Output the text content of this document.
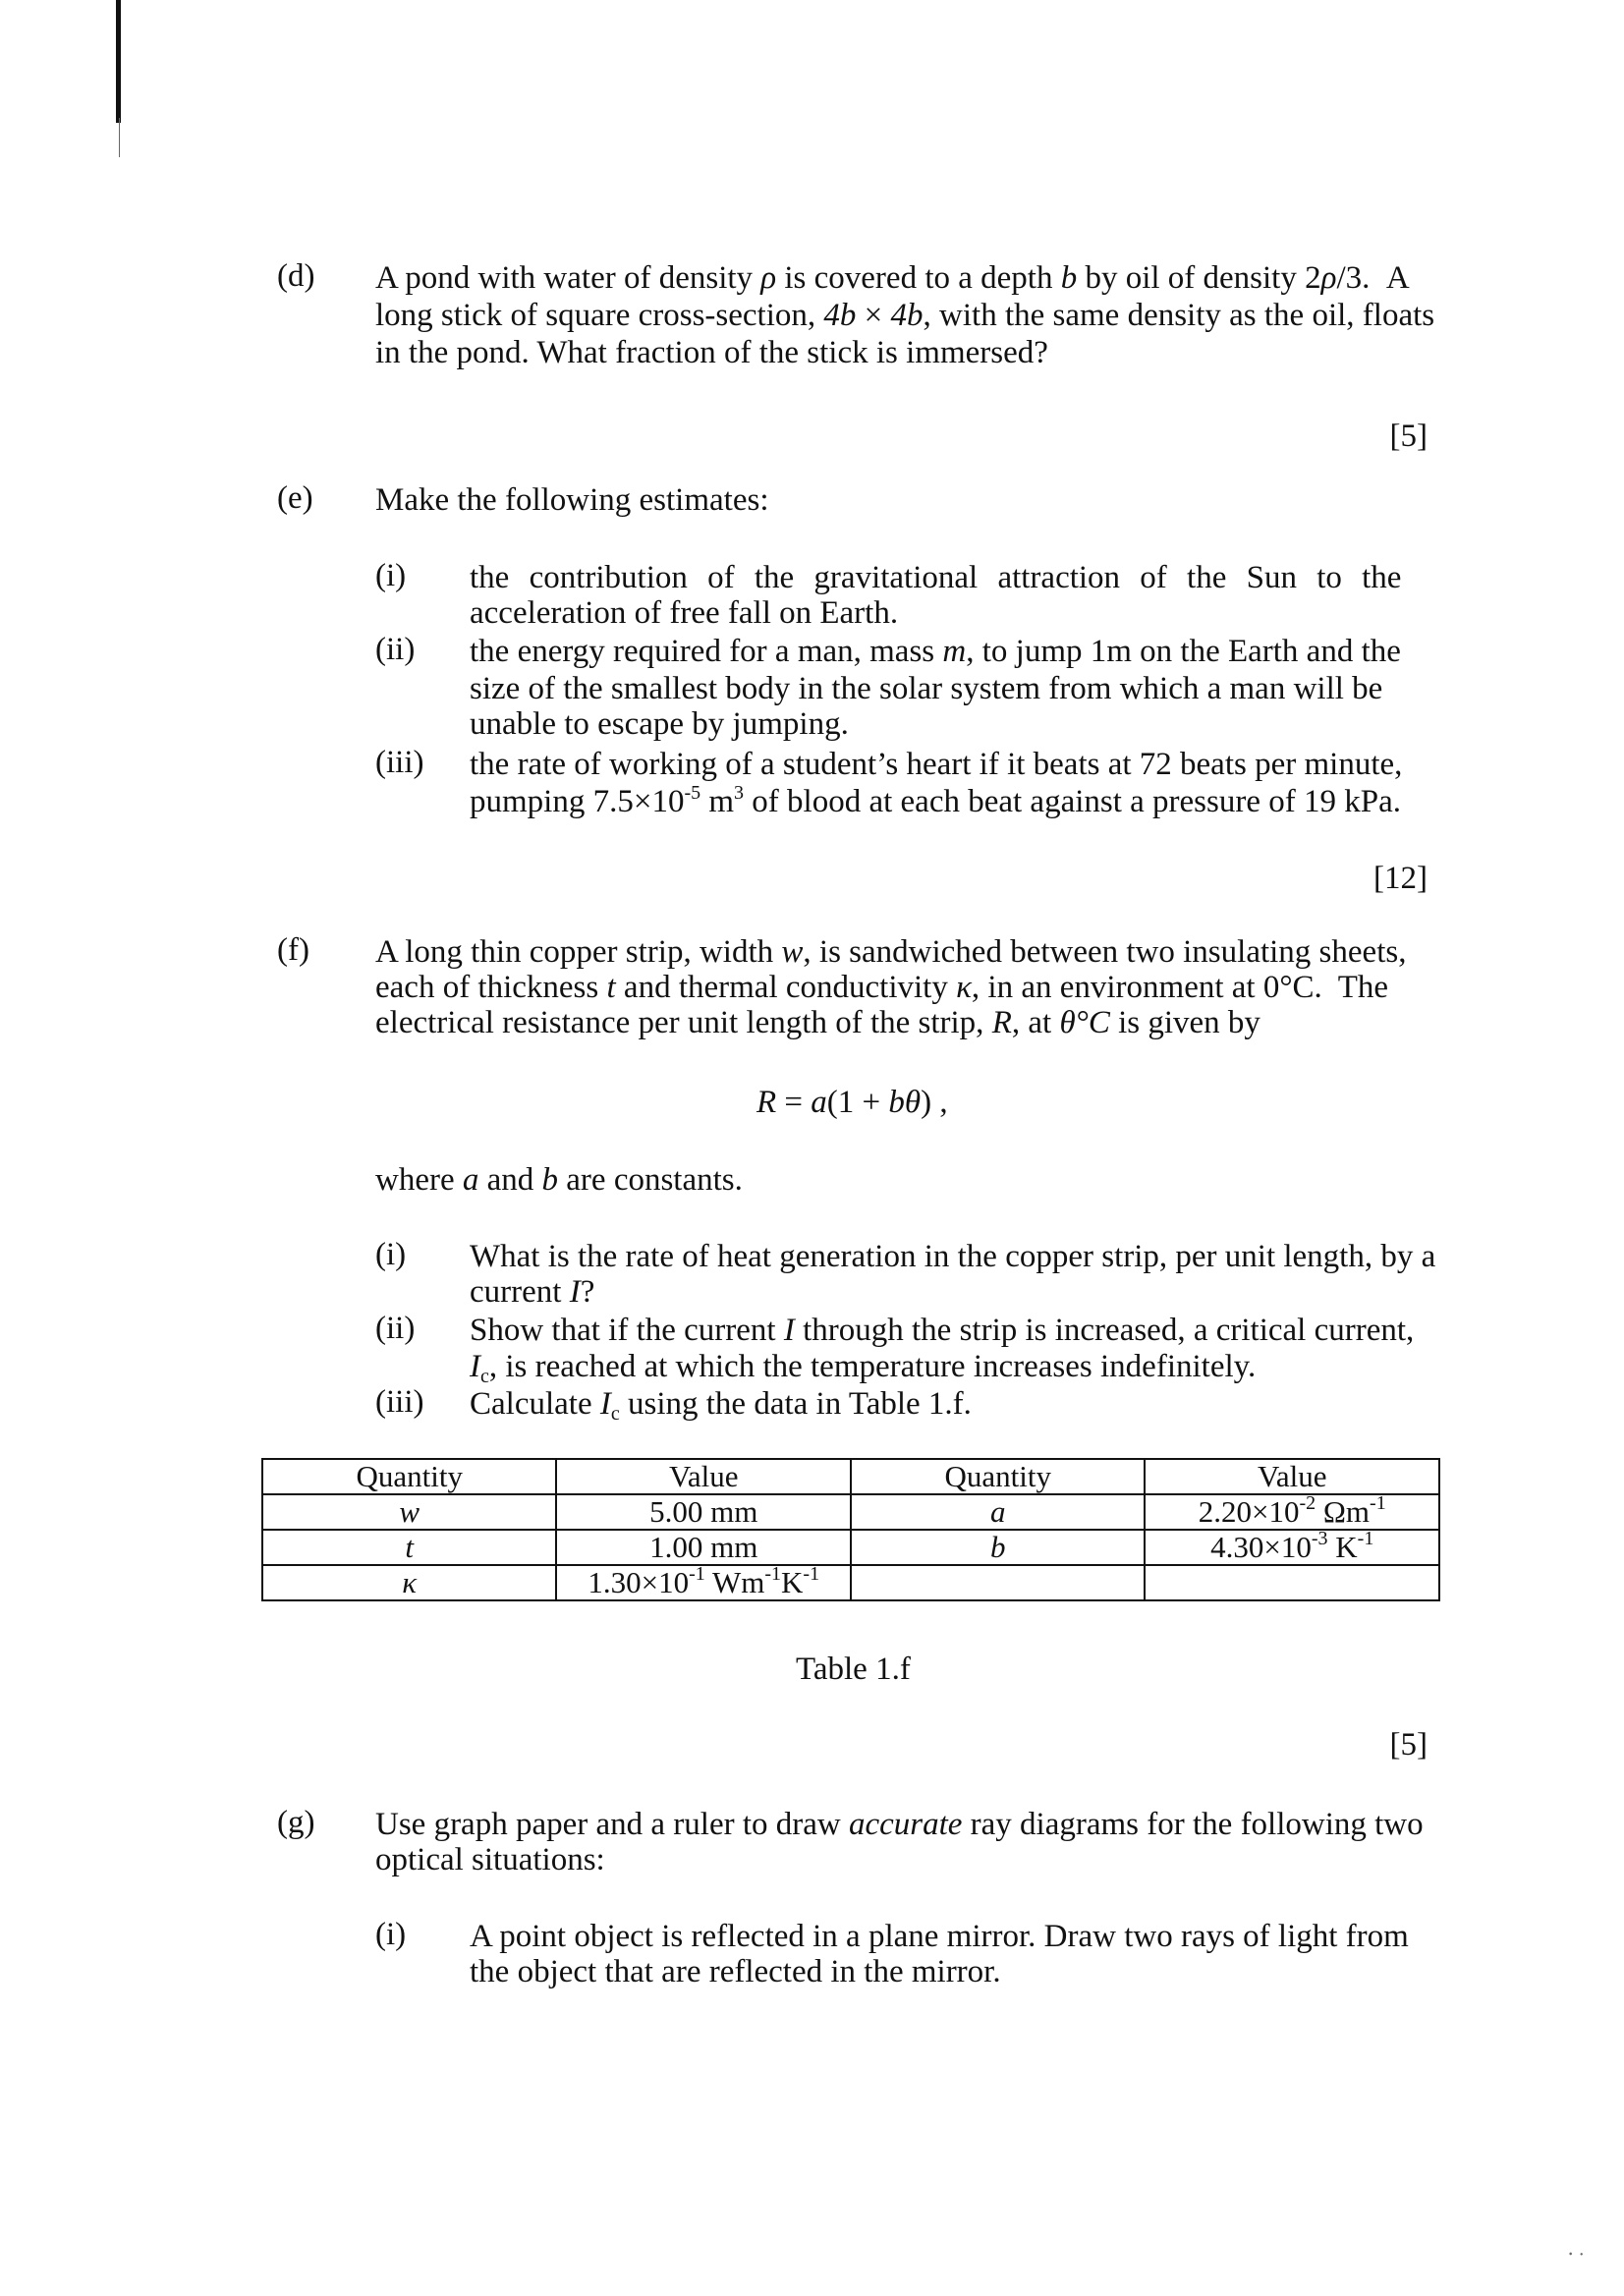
(d) A pond with water of density ρ is covered to a depth b by oil of density 2ρ/3.  A
long stick of square cross-section, 4b × 4b, with the same density as the oil, floats
in the pond. What fraction of the stick is immersed?
[5]
(e) Make the following estimates:
(i) the contribution of the gravitational attraction of the Sun to the
acceleration of free fall on Earth.
(ii) the energy required for a man, mass m, to jump 1m on the Earth and the
size of the smallest body in the solar system from which a man will be
unable to escape by jumping.
(iii) the rate of working of a student’s heart if it beats at 72 beats per minute,
pumping $7.5\times 10^{-5}$ $m^3$ of blood at each beat against a pressure of 19 kPa.
[12]
(f) A long thin copper strip, width w, is sandwiched between two insulating sheets,
each of thickness t and thermal conductivity κ, in an environment at 0°C.  The
electrical resistance per unit length of the strip, R, at θ°C is given by
R = a(1 + bθ) ,
where a and b are constants.
(i) What is the rate of heat generation in the copper strip, per unit length, by a
current I?
(ii) Show that if the current I through the strip is increased, a critical current,
$I_c$, is reached at which the temperature increases indefinitely.
(iii) Calculate $I_c$ using the data in Table 1.f.
Quantity	Value	Quantity	Value
w	5.00 mm	a	$2.20\times 10^{-2}$ $\Omega m^{-1}$
t	1.00 mm	b	$4.30\times 10^{-3}$ $K^{-1}$
κ	$1.30\times 10^{-1}$ $Wm^{-1}K^{-1}$		
Table 1.f
[5]
(g) Use graph paper and a ruler to draw accurate ray diagrams for the following two
optical situations:
(i) A point object is reflected in a plane mirror. Draw two rays of light from
the object that are reflected in the mirror.
⸱ ·
